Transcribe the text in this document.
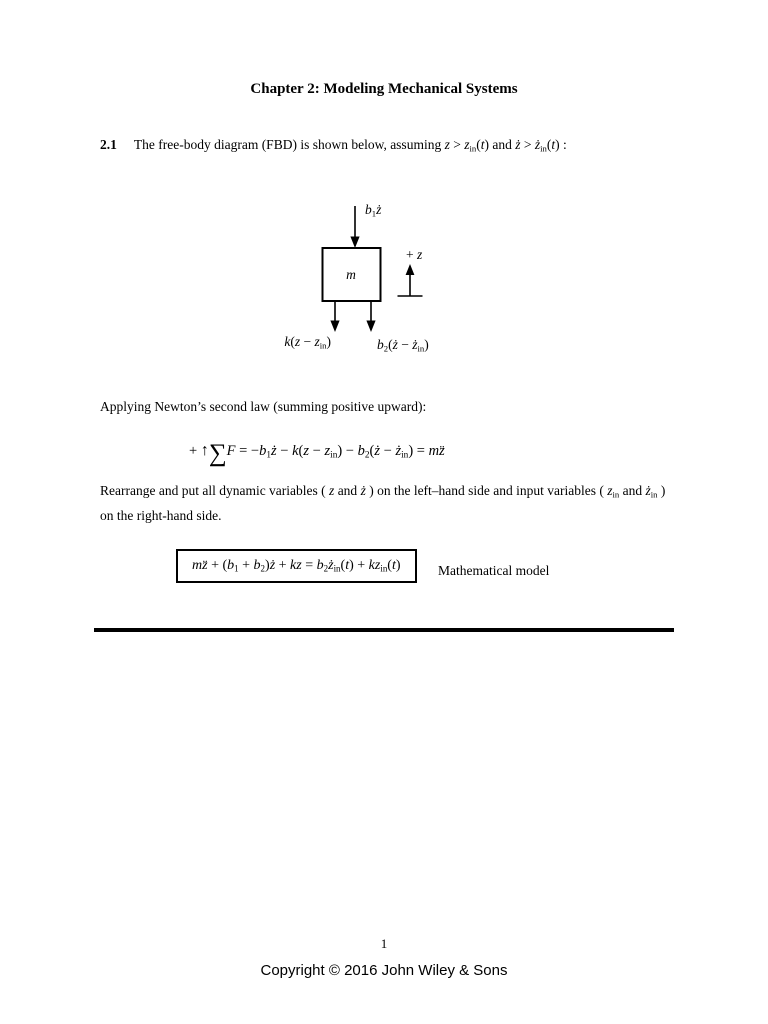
Chapter 2: Modeling Mechanical Systems
2.1 The free-body diagram (FBD) is shown below, assuming z > zin(t) and ż > żin(t) :
b1ż
m
+ z
k(z − zin)	b2(ż − żin)
Applying Newton’s second law (summing positive upward):
+ ↑∑F = −b1ż − k(z − zin) − b2(ż − żin) = mz̈
Rearrange and put all dynamic variables ( z and ż ) on the left–hand side and input variables ( zin and żin ) on the right-hand side.
mz̈ + (b1 + b2)ż + kz = b2żin(t) + kzin(t)	Mathematical model
1
Copyright © 2016 John Wiley & Sons
